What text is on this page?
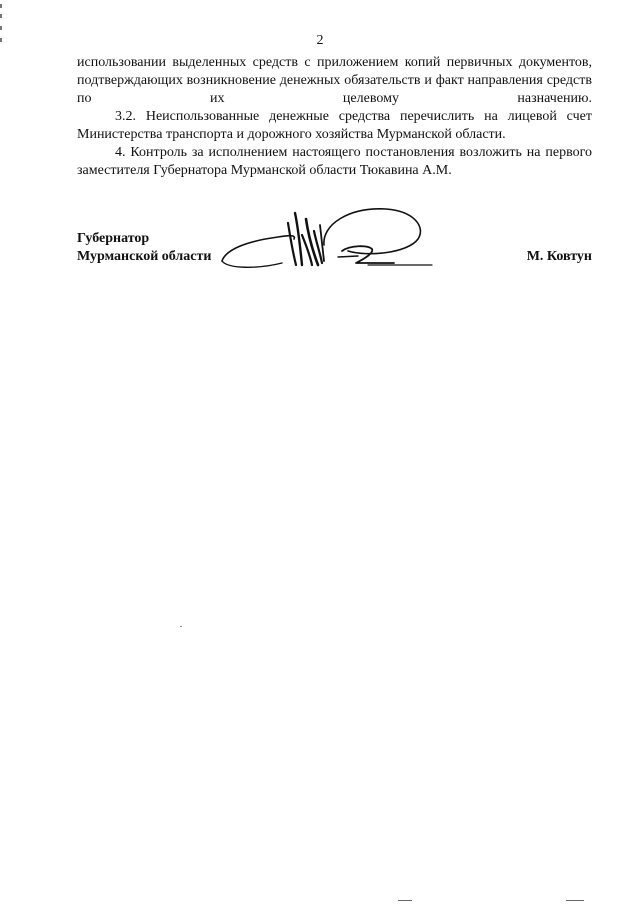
2

использовании выделенных средств с приложением копий первичных документов, подтверждающих возникновение денежных обязательств и факт направления средств по их целевому назначению.

3.2. Неиспользованные денежные средства перечислить на лицевой счет Министерства транспорта и дорожного хозяйства Мурманской области.

4. Контроль за исполнением настоящего постановления возложить на первого заместителя Губернатора Мурманской области Тюкавина А.М.

Губернатор
Мурманской области	М. Ковтун
